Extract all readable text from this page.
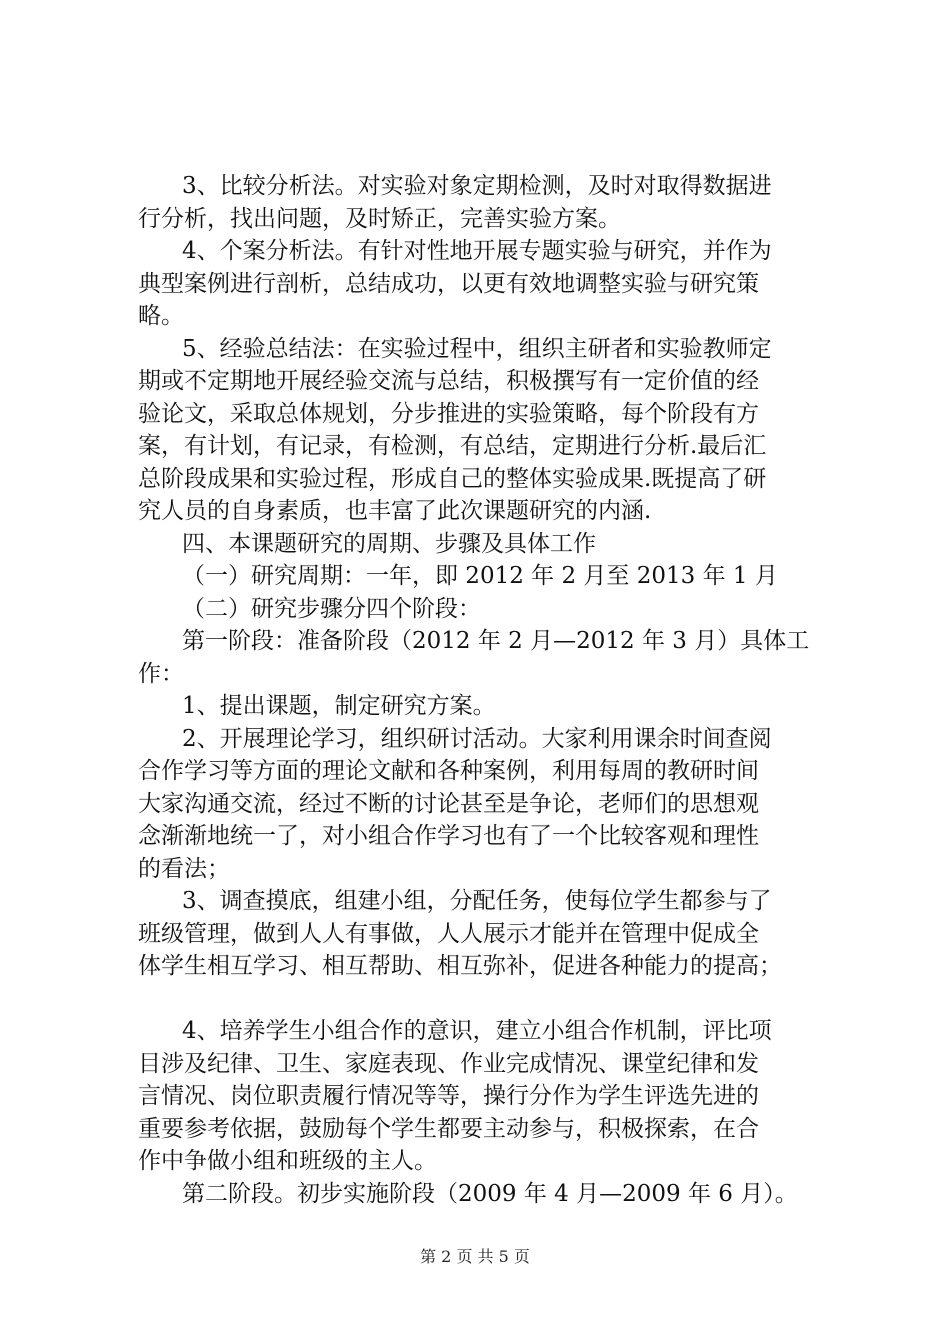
3、比较分析法。对实验对象定期检测，及时对取得数据进
行分析，找出问题，及时矫正，完善实验方案。
4、个案分析法。有针对性地开展专题实验与研究，并作为
典型案例进行剖析，总结成功，以更有效地调整实验与研究策
略。
5、经验总结法：在实验过程中，组织主研者和实验教师定
期或不定期地开展经验交流与总结，积极撰写有一定价值的经
验论文，采取总体规划，分步推进的实验策略，每个阶段有方
案，有计划，有记录，有检测，有总结，定期进行分析.最后汇
总阶段成果和实验过程，形成自己的整体实验成果.既提高了研
究人员的自身素质，也丰富了此次课题研究的内涵.
四、本课题研究的周期、步骤及具体工作
（一）研究周期：一年，即 2012 年 2 月至 2013 年 1 月
（二）研究步骤分四个阶段：
第一阶段：准备阶段（2012 年 2 月—2012 年 3 月）具体工
作：
1、提出课题，制定研究方案。
2、开展理论学习，组织研讨活动。大家利用课余时间查阅
合作学习等方面的理论文献和各种案例，利用每周的教研时间
大家沟通交流，经过不断的讨论甚至是争论，老师们的思想观
念渐渐地统一了，对小组合作学习也有了一个比较客观和理性
的看法；
3、调查摸底，组建小组，分配任务，使每位学生都参与了
班级管理，做到人人有事做，人人展示才能并在管理中促成全
体学生相互学习、相互帮助、相互弥补，促进各种能力的提高；
4、培养学生小组合作的意识，建立小组合作机制，评比项
目涉及纪律、卫生、家庭表现、作业完成情况、课堂纪律和发
言情况、岗位职责履行情况等等，操行分作为学生评选先进的
重要参考依据，鼓励每个学生都要主动参与，积极探索，在合
作中争做小组和班级的主人。
第二阶段。初步实施阶段（2009 年 4 月—2009 年 6 月）。
第 2 页 共 5 页
